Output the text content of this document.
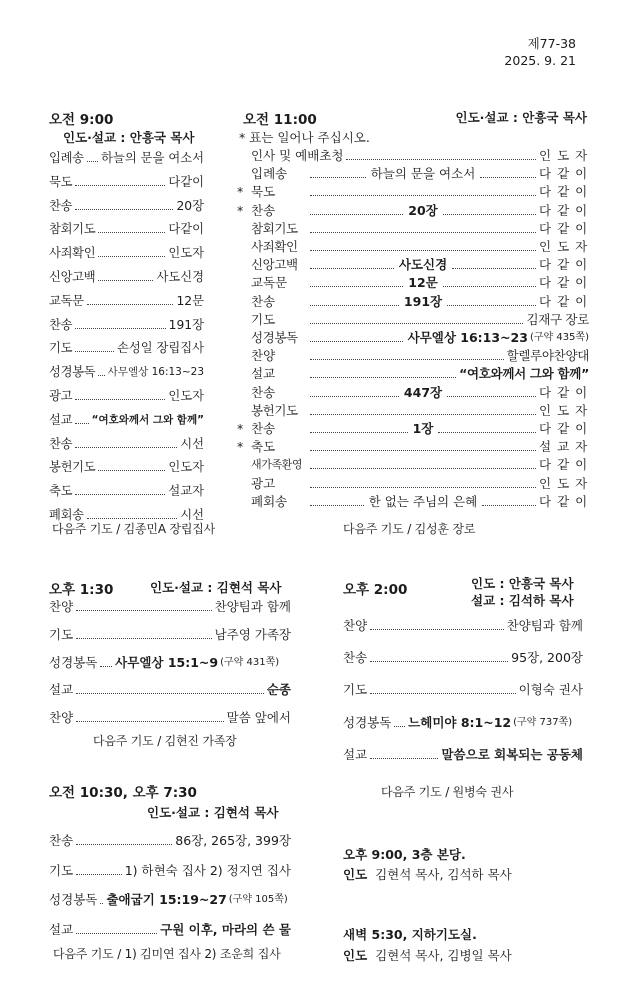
제77-38
2025. 9. 21
오전 9:00
인도·설교 : 안흥국 목사
입례송 하늘의 문을 여소서
묵도	다같이
찬송	20장
참회기도	다같이
사죄확인	인도자
신앙고백	사도신경
교독문	12문
찬송	191장
기도	손성일 장립집사
성경봉독 사무엘상 16:13~23
광고	인도자
설교 “여호와께서 그와 함께”
찬송	시선
봉헌기도	인도자
축도	설교자
폐회송	시선
다음주 기도 / 김종민A 장립집사
오전 11:00	인도·설교 : 안흥국 목사
* 표는 일어나 주십시오.
인사 및 예배초청	인도자
입례송	하늘의 문을 여소서	다같이
* 묵도	다같이
* 찬송	20장	다같이
참회기도	다같이
사죄확인	인도자
신앙고백	사도신경	다같이
교독문	12문	다같이
찬송	191장	다같이
기도	김재구 장로
성경봉독	사무엘상 16:13~23 (구약 435쪽)
찬양	할렐루야찬양대
설교	“여호와께서 그와 함께”
찬송	447장	다같이
봉헌기도	인도자
* 찬송	1장	다같이
* 축도	설교자
새가족환영	다같이
광고	인도자
폐회송	한 없는 주님의 은혜	다같이
다음주 기도 / 김성훈 장로
오후 1:30	인도·설교 : 김현석 목사
찬양	찬양팀과 함께
기도	남주영 가족장
성경봉독 사무엘상 15:1~9 (구약 431쪽)
설교	순종
찬양	말씀 앞에서
다음주 기도 / 김현진 가족장
오후 2:00	인도 : 안흥국 목사
설교 : 김석하 목사
찬양	찬양팀과 함께
찬송	95장, 200장
기도	이형숙 권사
성경봉독 느헤미야 8:1~12 (구약 737쪽)
설교	말씀으로 회복되는 공동체
다음주 기도 / 원병숙 권사
오전 10:30, 오후 7:30
인도·설교 : 김현석 목사
찬송	86장, 265장, 399장
기도	1) 하현숙 집사 2) 정지연 집사
성경봉독 출애굽기 15:19~27 (구약 105쪽)
설교	구원 이후, 마라의 쓴 물
다음주 기도 / 1) 김미연 집사 2) 조운희 집사
오후 9:00, 3층 본당.
인도 김현석 목사, 김석하 목사
새벽 5:30, 지하기도실.
인도 김현석 목사, 김병일 목사
